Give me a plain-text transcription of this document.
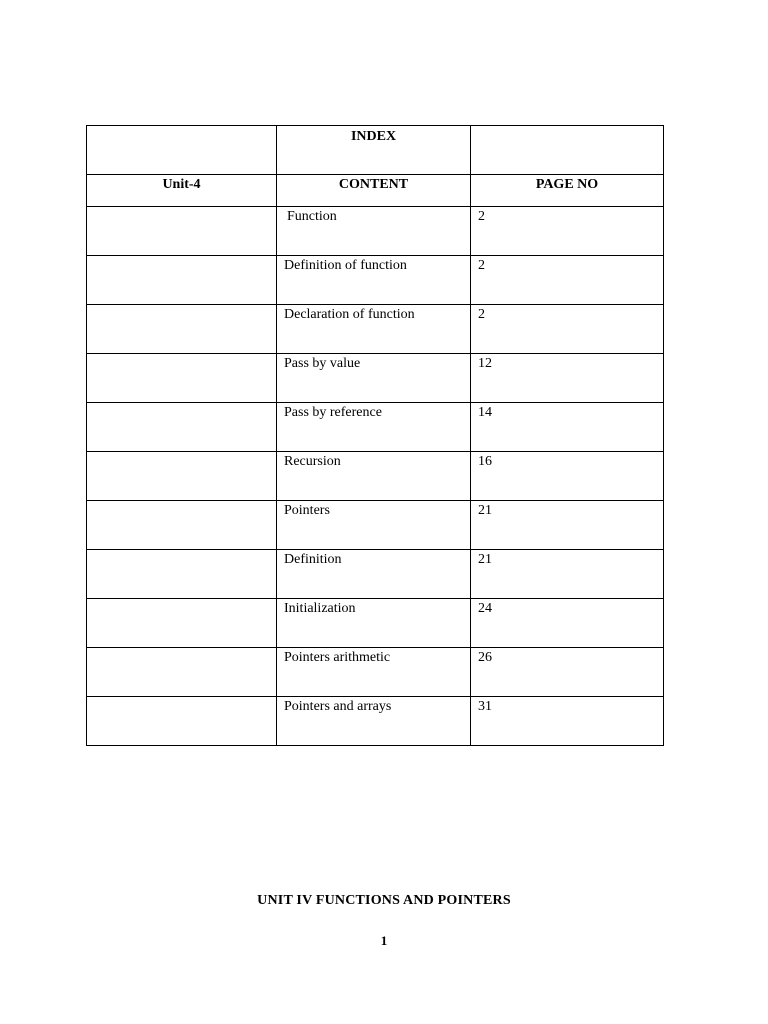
	INDEX	

Unit-4	CONTENT	PAGE NO

	Function	2

	Definition of function	2

	Declaration of function	2

	Pass by value	12

	Pass by reference	14

	Recursion	16

	Pointers	21

	Definition	21

	Initialization	24

	Pointers arithmetic	26

	Pointers and arrays	31
UNIT IV FUNCTIONS AND POINTERS
1
